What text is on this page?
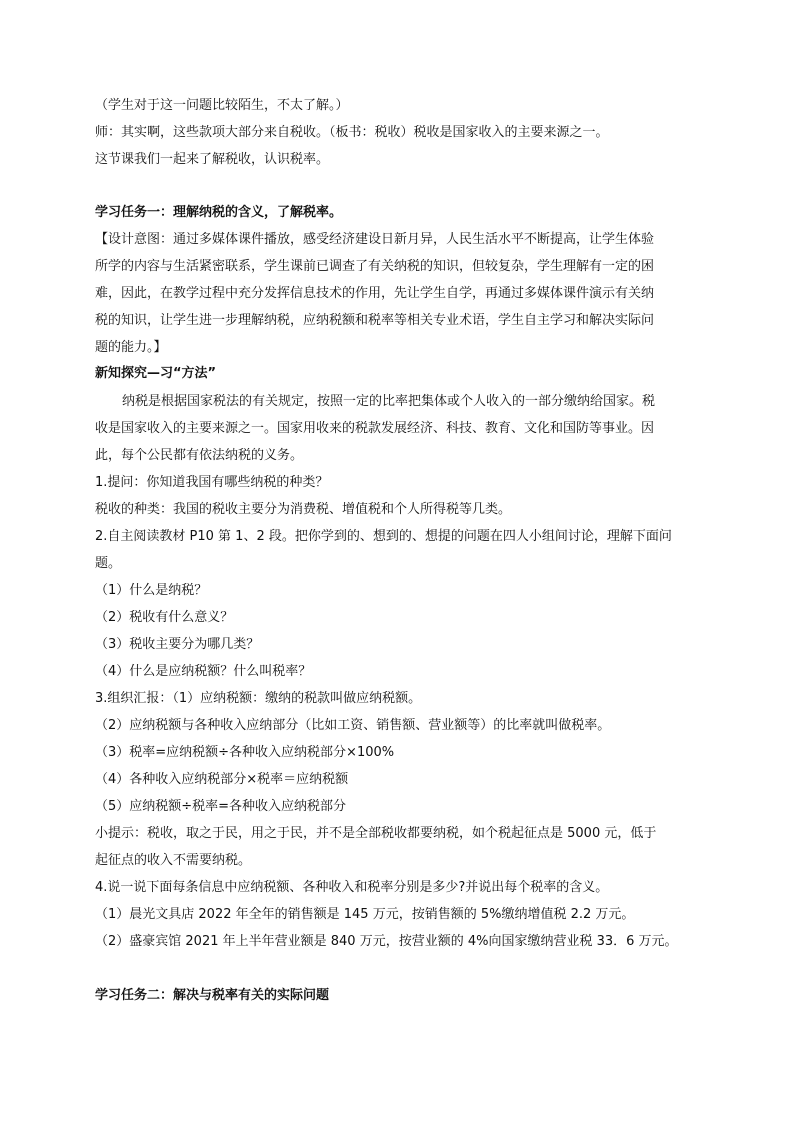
（学生对于这一问题比较陌生，不太了解。）

师：其实啊，这些款项大部分来自税收。（板书：税收）税收是国家收入的主要来源之一。

这节课我们一起来了解税收，认识税率。

学习任务一：理解纳税的含义，了解税率。

【设计意图：通过多媒体课件播放，感受经济建设日新月异，人民生活水平不断提高，让学生体验

所学的内容与生活紧密联系，学生课前已调查了有关纳税的知识，但较复杂，学生理解有一定的困

难，因此，在教学过程中充分发挥信息技术的作用，先让学生自学，再通过多媒体课件演示有关纳

税的知识，让学生进一步理解纳税，应纳税额和税率等相关专业术语，学生自主学习和解决实际问

题的能力。】

新知探究—习“方法”

纳税是根据国家税法的有关规定，按照一定的比率把集体或个人收入的一部分缴纳给国家。税

收是国家收入的主要来源之一。国家用收来的税款发展经济、科技、教育、文化和国防等事业。因

此，每个公民都有依法纳税的义务。

1.提问：你知道我国有哪些纳税的种类？

税收的种类：我国的税收主要分为消费税、增值税和个人所得税等几类。

2.自主阅读教材 P10 第 1、2 段。把你学到的、想到的、想提的问题在四人小组间讨论，理解下面问

题。

（1）什么是纳税？

（2）税收有什么意义？

（3）税收主要分为哪几类？

（4）什么是应纳税额？什么叫税率？

3.组织汇报：（1）应纳税额：缴纳的税款叫做应纳税额。

（2）应纳税额与各种收入应纳部分（比如工资、销售额、营业额等）的比率就叫做税率。

（3）税率=应纳税额÷各种收入应纳税部分×100%

（4）各种收入应纳税部分×税率＝应纳税额

（5）应纳税额÷税率=各种收入应纳税部分

小提示：税收，取之于民，用之于民，并不是全部税收都要纳税，如个税起征点是 5000 元，低于

起征点的收入不需要纳税。

4.说一说下面每条信息中应纳税额、各种收入和税率分别是多少?并说出每个税率的含义。

（1）晨光文具店 2022 年全年的销售额是 145 万元，按销售额的 5%缴纳增值税 2.2 万元。

（2）盛豪宾馆 2021 年上半年营业额是 840 万元，按营业额的 4%向国家缴纳营业税 33．6 万元。

学习任务二：解决与税率有关的实际问题
